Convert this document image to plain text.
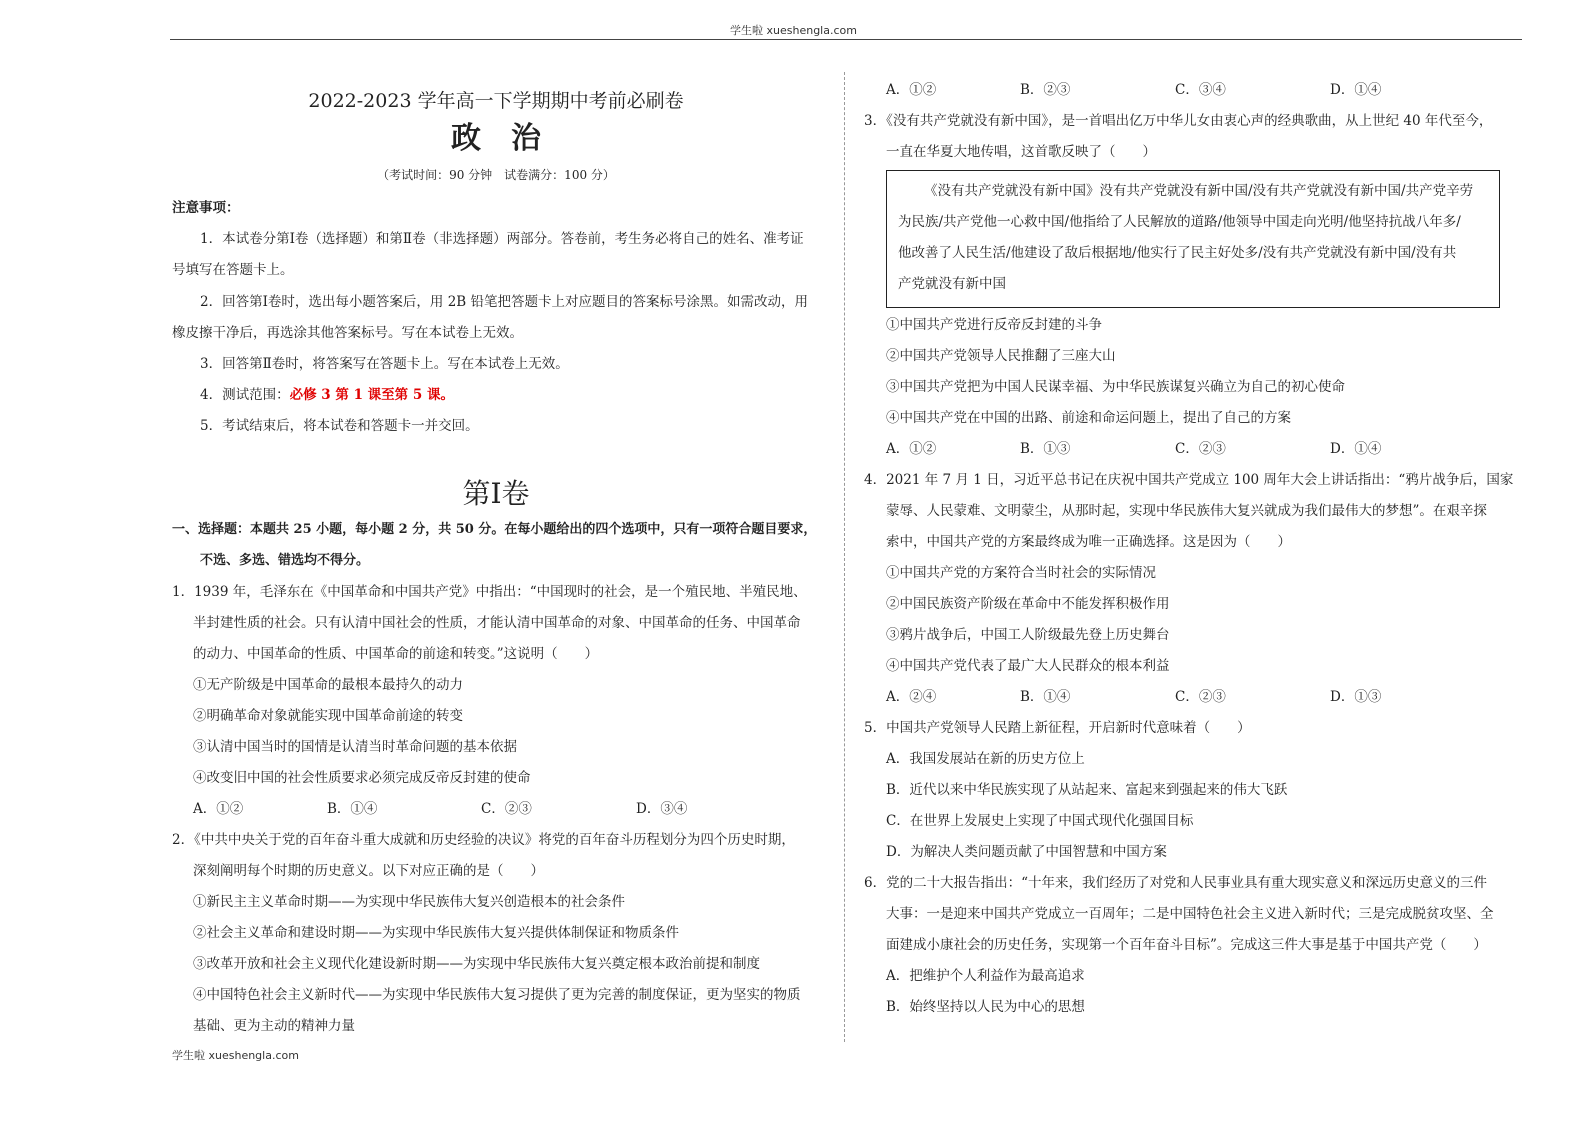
学生啦 xueshengla.com
2022-2023 学年高一下学期期中考前必刷卷
政　治
（考试时间：90 分钟　试卷满分：100 分）
注意事项：
1．本试卷分第Ⅰ卷（选择题）和第Ⅱ卷（非选择题）两部分。答卷前，考生务必将自己的姓名、准考证
号填写在答题卡上。
2．回答第Ⅰ卷时，选出每小题答案后，用 2B 铅笔把答题卡上对应题目的答案标号涂黑。如需改动，用
橡皮擦干净后，再选涂其他答案标号。写在本试卷上无效。
3．回答第Ⅱ卷时，将答案写在答题卡上。写在本试卷上无效。
4．测试范围：必修 3 第 1 课至第 5 课。
5．考试结束后，将本试卷和答题卡一并交回。
第Ⅰ卷
一、选择题：本题共 25 小题，每小题 2 分，共 50 分。在每小题给出的四个选项中，只有一项符合题目要求，
不选、多选、错选均不得分。
1．1939 年，毛泽东在《中国革命和中国共产党》中指出：“中国现时的社会，是一个殖民地、半殖民地、
半封建性质的社会。只有认清中国社会的性质，才能认清中国革命的对象、中国革命的任务、中国革命
的动力、中国革命的性质、中国革命的前途和转变。”这说明（　　）
①无产阶级是中国革命的最根本最持久的动力
②明确革命对象就能实现中国革命前途的转变
③认清中国当时的国情是认清当时革命问题的基本依据
④改变旧中国的社会性质要求必须完成反帝反封建的使命
A．①②	B．①④	C．②③	D．③④
2．《中共中央关于党的百年奋斗重大成就和历史经验的决议》将党的百年奋斗历程划分为四个历史时期，
深刻阐明每个时期的历史意义。以下对应正确的是（　　）
①新民主主义革命时期——为实现中华民族伟大复兴创造根本的社会条件
②社会主义革命和建设时期——为实现中华民族伟大复兴提供体制保证和物质条件
③改革开放和社会主义现代化建设新时期——为实现中华民族伟大复兴奠定根本政治前提和制度
④中国特色社会主义新时代——为实现中华民族伟大复习提供了更为完善的制度保证，更为坚实的物质
基础、更为主动的精神力量
学生啦 xueshengla.com
A．①②	B．②③	C．③④	D．①④
3．《没有共产党就没有新中国》，是一首唱出亿万中华儿女由衷心声的经典歌曲，从上世纪 40 年代至今，
一直在华夏大地传唱，这首歌反映了（　　）
《没有共产党就没有新中国》没有共产党就没有新中国/没有共产党就没有新中国/共产党辛劳
为民族/共产党他一心救中国/他指给了人民解放的道路/他领导中国走向光明/他坚持抗战八年多/
他改善了人民生活/他建设了敌后根据地/他实行了民主好处多/没有共产党就没有新中国/没有共
产党就没有新中国
①中国共产党进行反帝反封建的斗争
②中国共产党领导人民推翻了三座大山
③中国共产党把为中国人民谋幸福、为中华民族谋复兴确立为自己的初心使命
④中国共产党在中国的出路、前途和命运问题上，提出了自己的方案
A．①②	B．①③	C．②③	D．①④
4．2021 年 7 月 1 日，习近平总书记在庆祝中国共产党成立 100 周年大会上讲话指出：“鸦片战争后，国家
蒙辱、人民蒙难、文明蒙尘，从那时起，实现中华民族伟大复兴就成为我们最伟大的梦想”。在艰辛探
索中，中国共产党的方案最终成为唯一正确选择。这是因为（　　）
①中国共产党的方案符合当时社会的实际情况
②中国民族资产阶级在革命中不能发挥积极作用
③鸦片战争后，中国工人阶级最先登上历史舞台
④中国共产党代表了最广大人民群众的根本利益
A．②④	B．①④	C．②③	D．①③
5．中国共产党领导人民踏上新征程，开启新时代意味着（　　）
A．我国发展站在新的历史方位上
B．近代以来中华民族实现了从站起来、富起来到强起来的伟大飞跃
C．在世界上发展史上实现了中国式现代化强国目标
D．为解决人类问题贡献了中国智慧和中国方案
6．党的二十大报告指出：“十年来，我们经历了对党和人民事业具有重大现实意义和深远历史意义的三件
大事：一是迎来中国共产党成立一百周年；二是中国特色社会主义进入新时代；三是完成脱贫攻坚、全
面建成小康社会的历史任务，实现第一个百年奋斗目标”。完成这三件大事是基于中国共产党（　　）
A．把维护个人利益作为最高追求
B．始终坚持以人民为中心的思想
